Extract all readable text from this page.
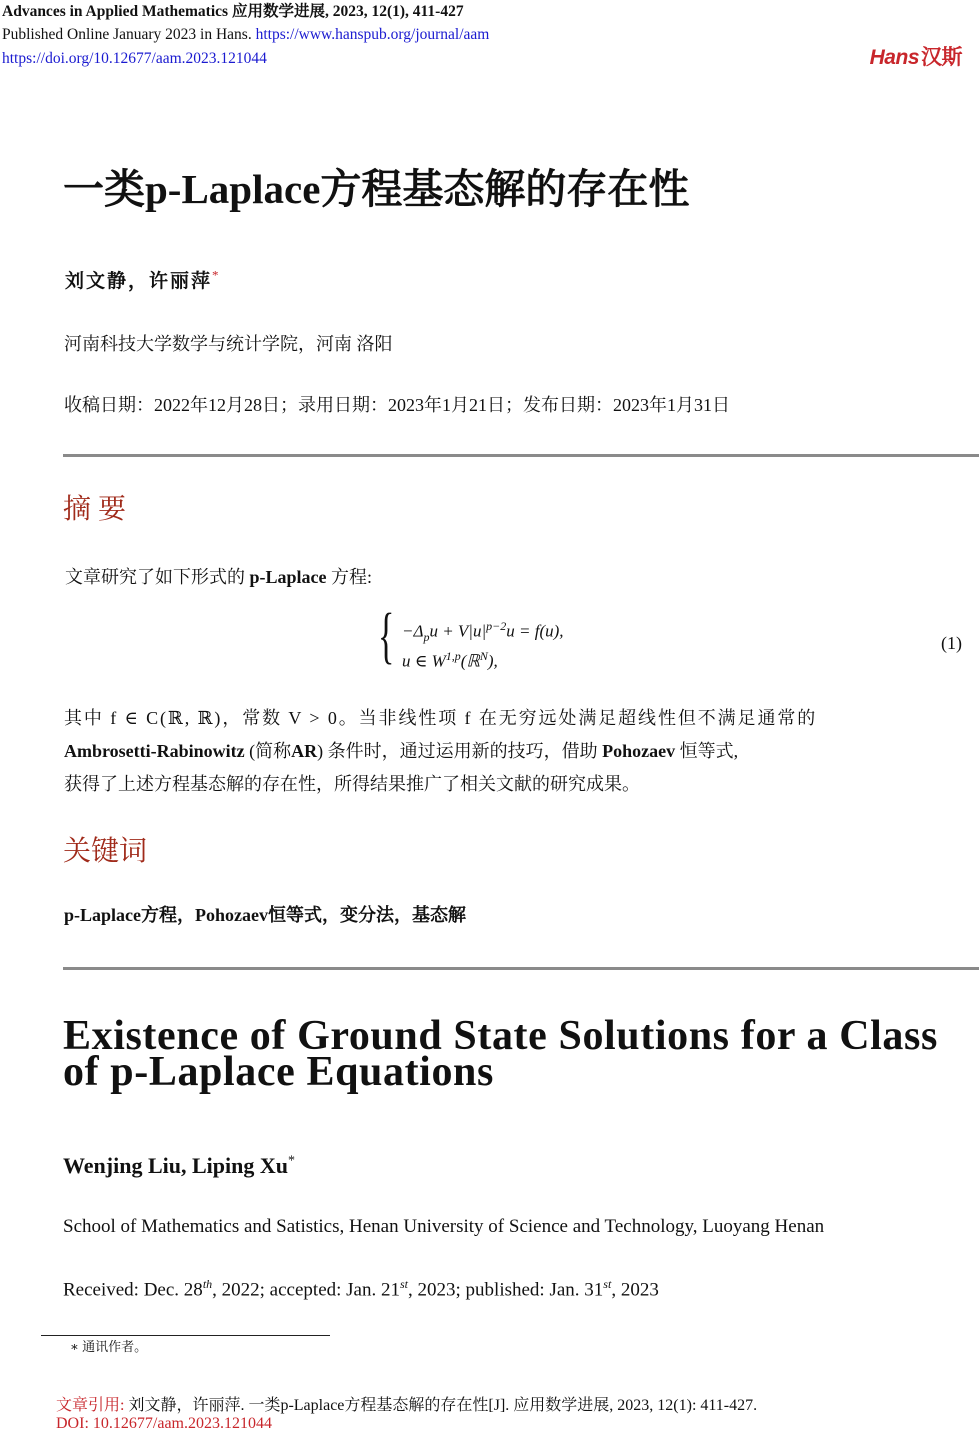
Advances in Applied Mathematics 应用数学进展, 2023, 12(1), 411-427
Published Online January 2023 in Hans. https://www.hanspub.org/journal/aam
https://doi.org/10.12677/aam.2023.121044	Hans汉斯
一类p-Laplace方程基态解的存在性
刘文静，许丽萍*
河南科技大学数学与统计学院，河南 洛阳
收稿日期：2022年12月28日；录用日期：2023年1月21日；发布日期：2023年1月31日
摘 要
文章研究了如下形式的 p-Laplace 方程:
{ $-\Delta_pu + V|u|^{p-2}u = f(u)$,
u ∈ W$^{1,p}$(ℝ$^N$),
(1)
其中 f ∈ C(ℝ, ℝ)，常数 V > 0。当非线性项 f 在无穷远处满足超线性但不满足通常的
Ambrosetti-Rabinowitz (简称AR) 条件时，通过运用新的技巧，借助 Pohozaev 恒等式,
获得了上述方程基态解的存在性，所得结果推广了相关文献的研究成果。
关键词
p-Laplace方程，Pohozaev恒等式，变分法，基态解
Existence of Ground State Solutions for a Class of p-Laplace Equations
Wenjing Liu, Liping Xu*
School of Mathematics and Satistics, Henan University of Science and Technology, Luoyang Henan
Received: Dec. 28th, 2022; accepted: Jan. 21st, 2023; published: Jan. 31st, 2023
∗ 通讯作者。
文章引用: 刘文静，许丽萍. 一类p-Laplace方程基态解的存在性[J]. 应用数学进展, 2023, 12(1): 411-427.
DOI: 10.12677/aam.2023.121044
